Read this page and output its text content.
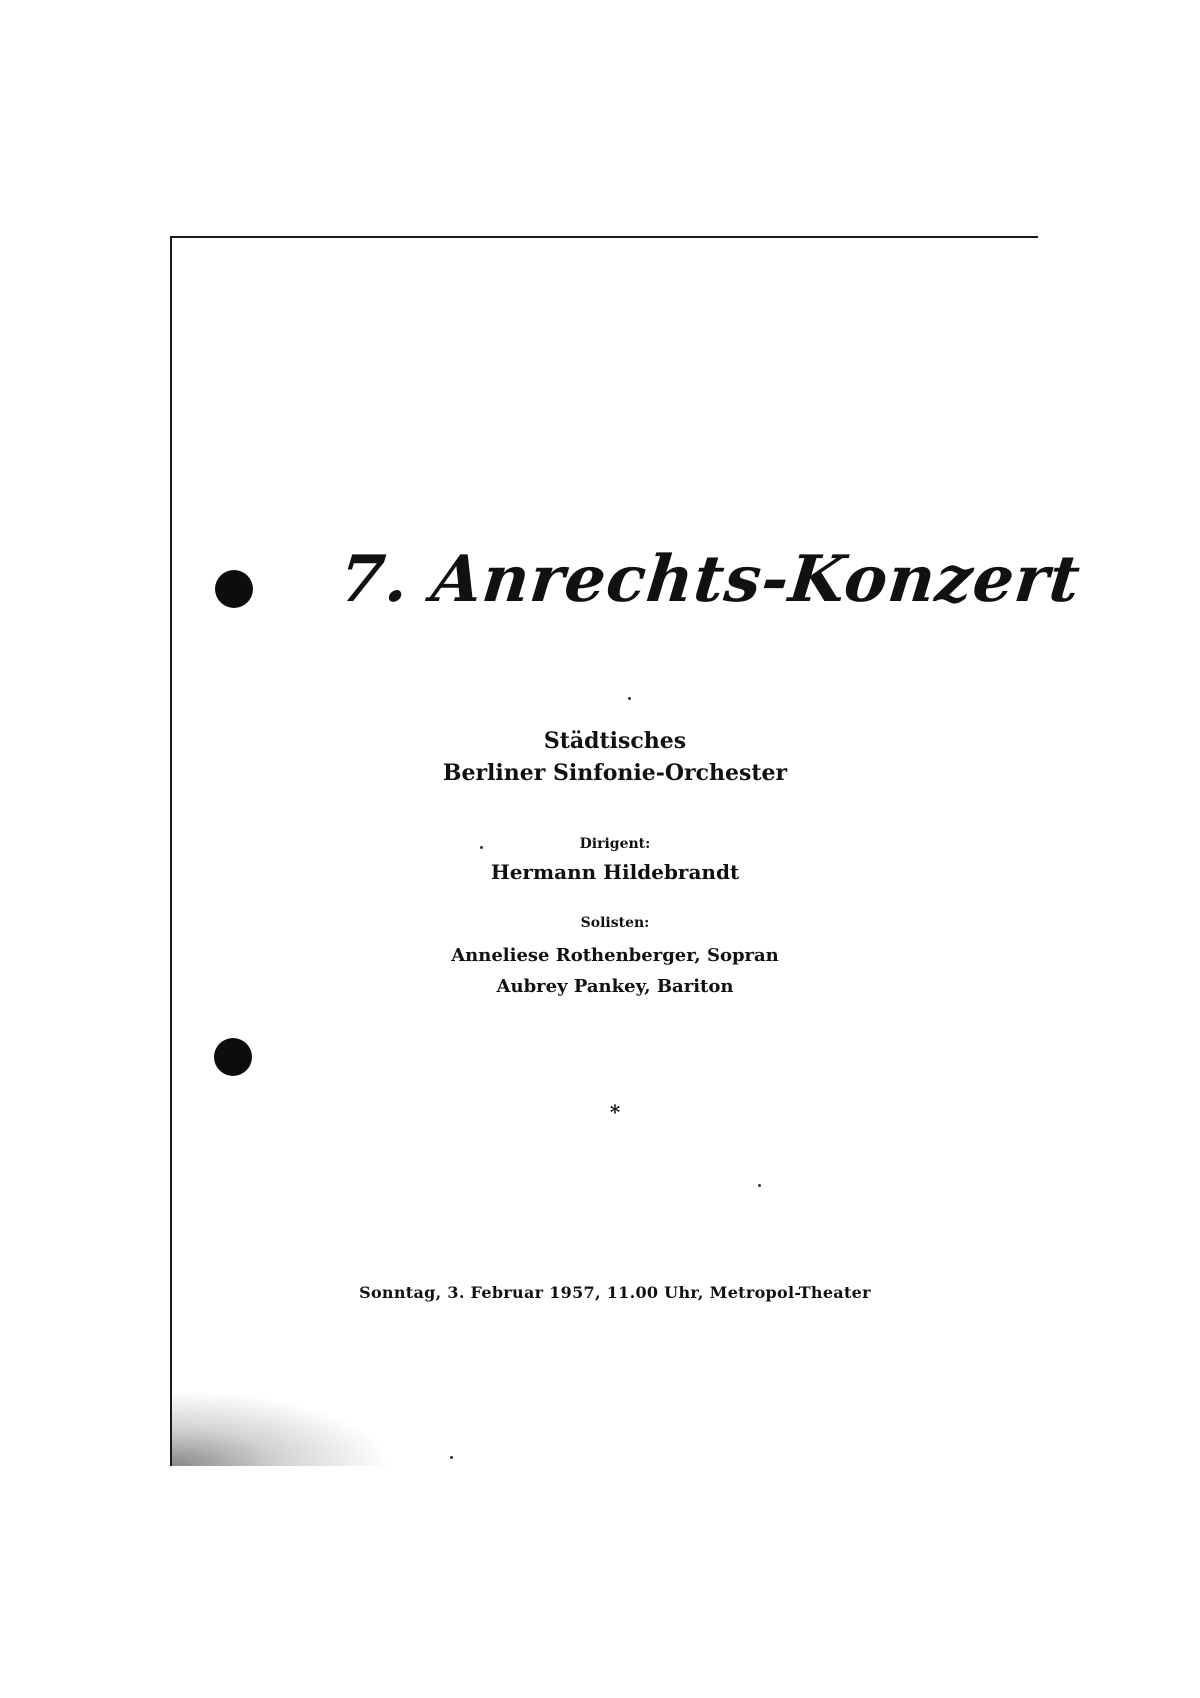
7. Anrechts-Konzert
Städtisches
Berliner Sinfonie-Orchester
Dirigent:
Hermann Hildebrandt
Solisten:
Anneliese Rothenberger, Sopran
Aubrey Pankey, Bariton
*
Sonntag, 3. Februar 1957, 11.00 Uhr, Metropol-Theater
